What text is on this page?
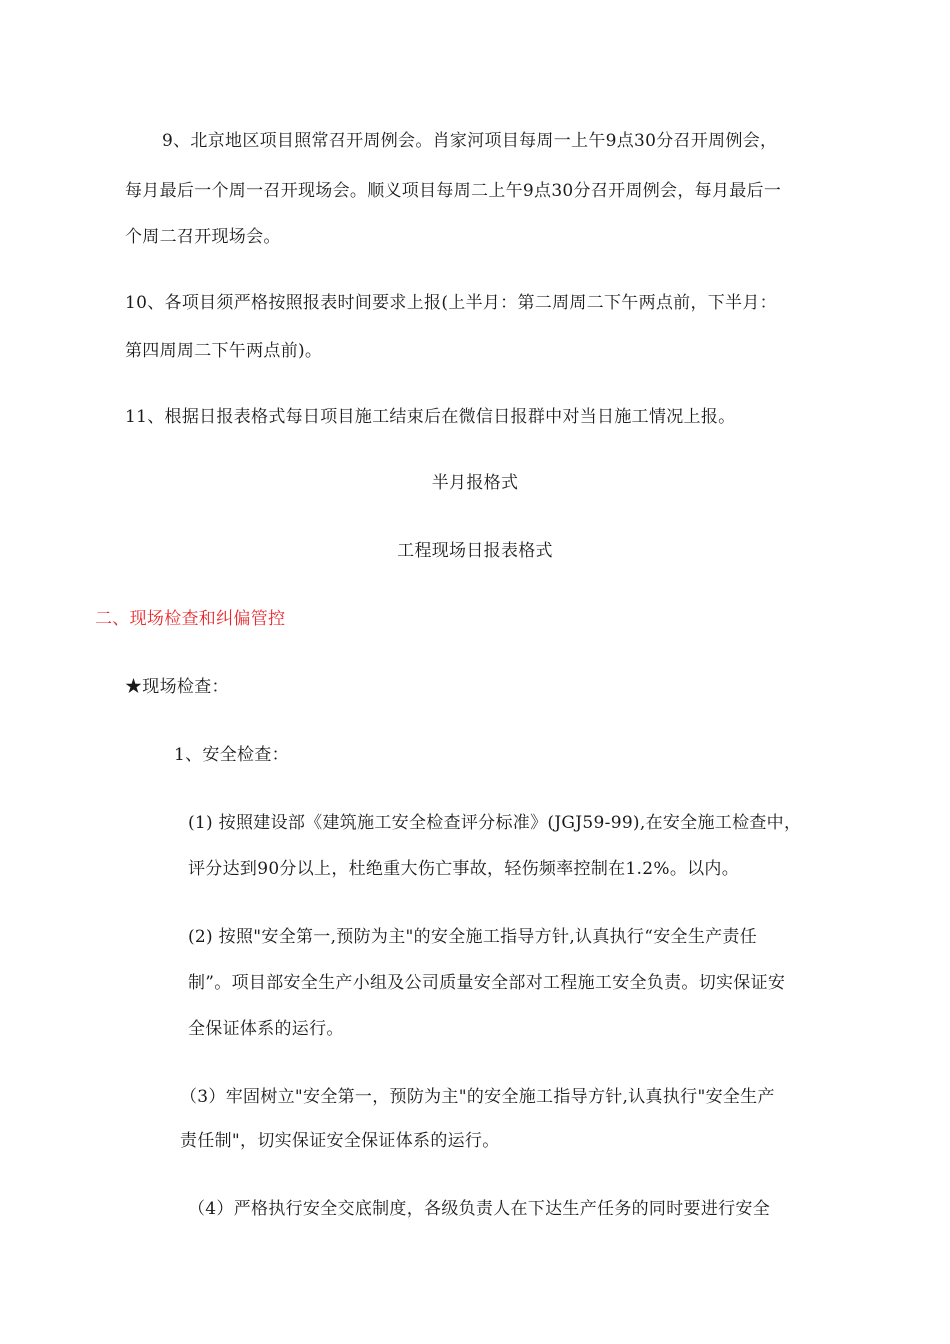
9、北京地区项目照常召开周例会。肖家河项目每周一上午9点30分召开周例会，
每月最后一个周一召开现场会。顺义项目每周二上午9点30分召开周例会，每月最后一
个周二召开现场会。
10、各项目须严格按照报表时间要求上报(上半月：第二周周二下午两点前，下半月：
第四周周二下午两点前)。
11、根据日报表格式每日项目施工结束后在微信日报群中对当日施工情况上报。
半月报格式
工程现场日报表格式
二、现场检查和纠偏管控
★现场检查：
1、安全检查：
(1) 按照建设部《建筑施工安全检查评分标准》(JGJ59-99),在安全施工检查中，
评分达到90分以上，杜绝重大伤亡事故，轻伤频率控制在1.2%。以内。
(2) 按照"安全第一,预防为主"的安全施工指导方针,认真执行“安全生产责任
制”。项目部安全生产小组及公司质量安全部对工程施工安全负责。切实保证安
全保证体系的运行。
（3）牢固树立"安全第一，预防为主"的安全施工指导方针,认真执行"安全生产
责任制"，切实保证安全保证体系的运行。
（4）严格执行安全交底制度，各级负责人在下达生产任务的同时要进行安全
